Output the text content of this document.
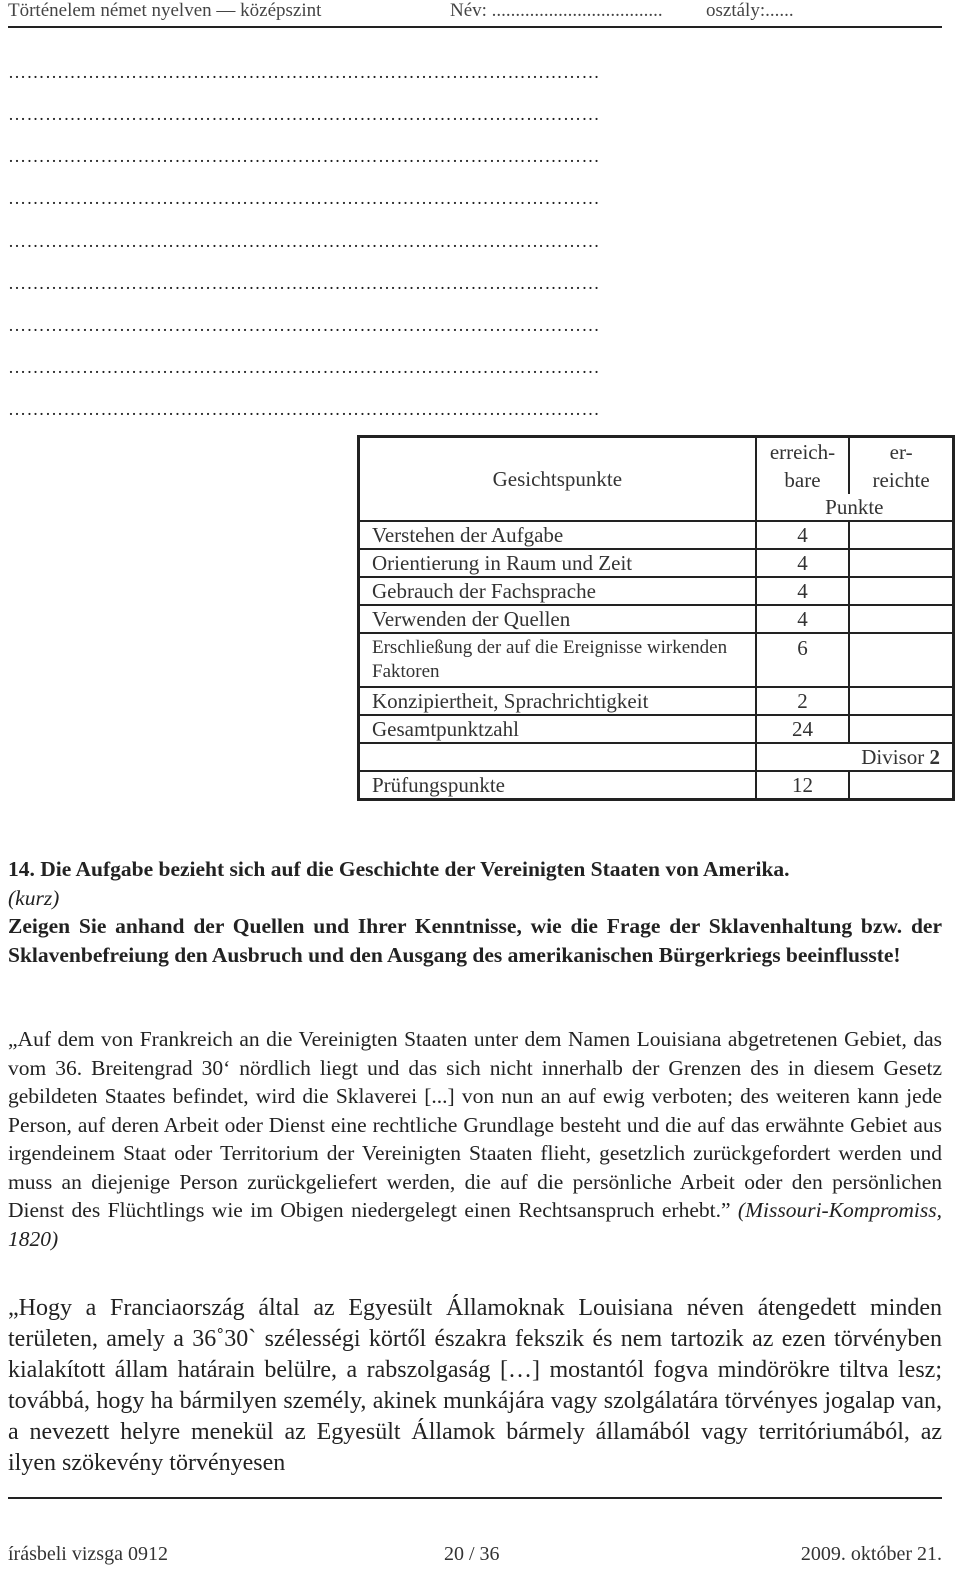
Történelem német nyelven — középszint	Név: .................................... osztály:......
……………………………………………………………………………………
……………………………………………………………………………………
……………………………………………………………………………………
……………………………………………………………………………………
……………………………………………………………………………………
……………………………………………………………………………………
……………………………………………………………………………………
……………………………………………………………………………………
……………………………………………………………………………………
Gesichtspunkte	erreich-bare	er-reichte
	Punkte	
Verstehen der Aufgabe	4	
Orientierung in Raum und Zeit	4	
Gebrauch der Fachsprache	4	
Verwenden der Quellen	4	
Erschließung der auf die Ereignisse wirkenden Faktoren	6	
Konzipiertheit, Sprachrichtigkeit	2	
Gesamtpunktzahl	24	
	Divisor 2	
Prüfungspunkte	12	
14. Die Aufgabe bezieht sich auf die Geschichte der Vereinigten Staaten von Amerika.
(kurz)
Zeigen Sie anhand der Quellen und Ihrer Kenntnisse, wie die Frage der Sklavenhaltung bzw. der Sklavenbefreiung den Ausbruch und den Ausgang des amerikanischen Bürgerkriegs beeinflusste!
„Auf dem von Frankreich an die Vereinigten Staaten unter dem Namen Louisiana abgetretenen Gebiet, das vom 36. Breitengrad 30‘ nördlich liegt und das sich nicht innerhalb der Grenzen des in diesem Gesetz gebildeten Staates befindet, wird die Sklaverei [...] von nun an auf ewig verboten; des weiteren kann jede Person, auf deren Arbeit oder Dienst eine rechtliche Grundlage besteht und die auf das erwähnte Gebiet aus irgendeinem Staat oder Territorium der Vereinigten Staaten flieht, gesetzlich zurückgefordert werden und muss an diejenige Person zurückgeliefert werden, die auf die persönliche Arbeit oder den persönlichen Dienst des Flüchtlings wie im Obigen niedergelegt einen Rechtsanspruch erhebt.” (Missouri-Kompromiss, 1820)
„Hogy a Franciaország által az Egyesült Államoknak Louisiana néven átengedett minden területen, amely a 36˚30` szélességi körtől északra fekszik és nem tartozik az ezen törvényben kialakított állam határain belülre, a rabszolgaság […] mostantól fogva mindörökre tiltva lesz; továbbá, hogy ha bármilyen személy, akinek munkájára vagy szolgálatára törvényes jogalap van, a nevezett helyre menekül az Egyesült Államok bármely államából vagy territóriumából, az ilyen szökevény törvényesen
írásbeli vizsga 0912	20 / 36	2009. október 21.
